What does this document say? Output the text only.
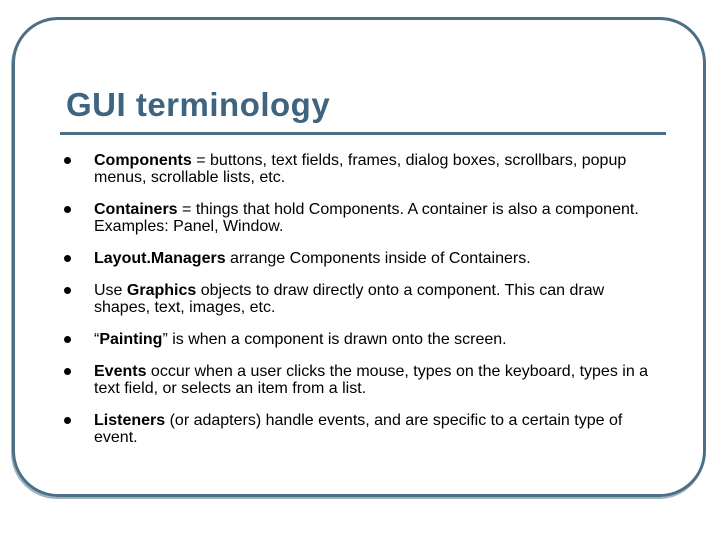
GUI terminology
Components = buttons, text fields, frames, dialog boxes, scrollbars, popup menus, scrollable lists, etc.
Containers = things that hold Components. A container is also a component. Examples: Panel, Window.
Layout.Managers arrange Components inside of Containers.
Use Graphics objects to draw directly onto a component. This can draw shapes, text, images, etc.
“Painting” is when a component is drawn onto the screen.
Events occur when a user clicks the mouse, types on the keyboard, types in a text field, or selects an item from a list.
Listeners (or adapters) handle events, and are specific to a certain type of event.
